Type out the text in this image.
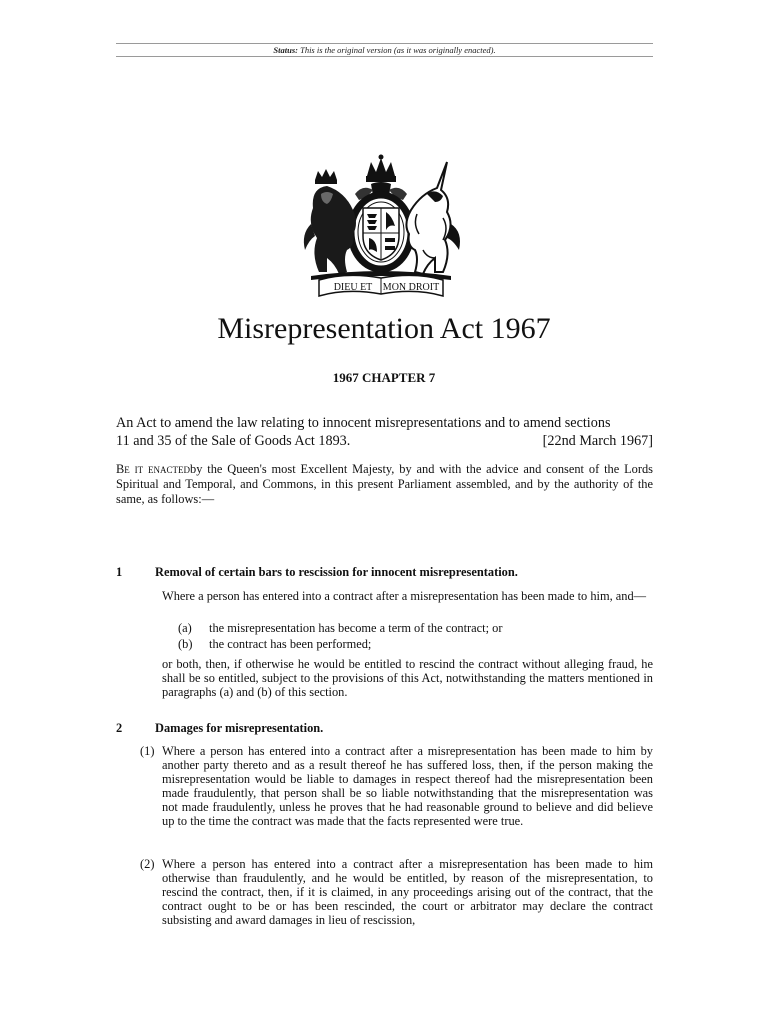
Status: This is the original version (as it was originally enacted).
DIEU ET MON DROIT
Misrepresentation Act 1967
1967 CHAPTER 7
An Act to amend the law relating to innocent misrepresentations and to amend sections
11 and 35 of the Sale of Goods Act 1893.	[22nd March 1967]
Be it enactedby the Queen's most Excellent Majesty, by and with the advice and consent of the Lords Spiritual and Temporal, and Commons, in this present Parliament assembled, and by the authority of the same, as follows:—
1	Removal of certain bars to rescission for innocent misrepresentation.
Where a person has entered into a contract after a misrepresentation has been made to him, and—
(a) the misrepresentation has become a term of the contract; or
(b) the contract has been performed;
or both, then, if otherwise he would be entitled to rescind the contract without alleging fraud, he shall be so entitled, subject to the provisions of this Act, notwithstanding the matters mentioned in paragraphs (a) and (b) of this section.
2	Damages for misrepresentation.
(1) Where a person has entered into a contract after a misrepresentation has been made to him by another party thereto and as a result thereof he has suffered loss, then, if the person making the misrepresentation would be liable to damages in respect thereof had the misrepresentation been made fraudulently, that person shall be so liable notwithstanding that the misrepresentation was not made fraudulently, unless he proves that he had reasonable ground to believe and did believe up to the time the contract was made that the facts represented were true.
(2) Where a person has entered into a contract after a misrepresentation has been made to him otherwise than fraudulently, and he would be entitled, by reason of the misrepresentation, to rescind the contract, then, if it is claimed, in any proceedings arising out of the contract, that the contract ought to be or has been rescinded, the court or arbitrator may declare the contract subsisting and award damages in lieu of rescission,
